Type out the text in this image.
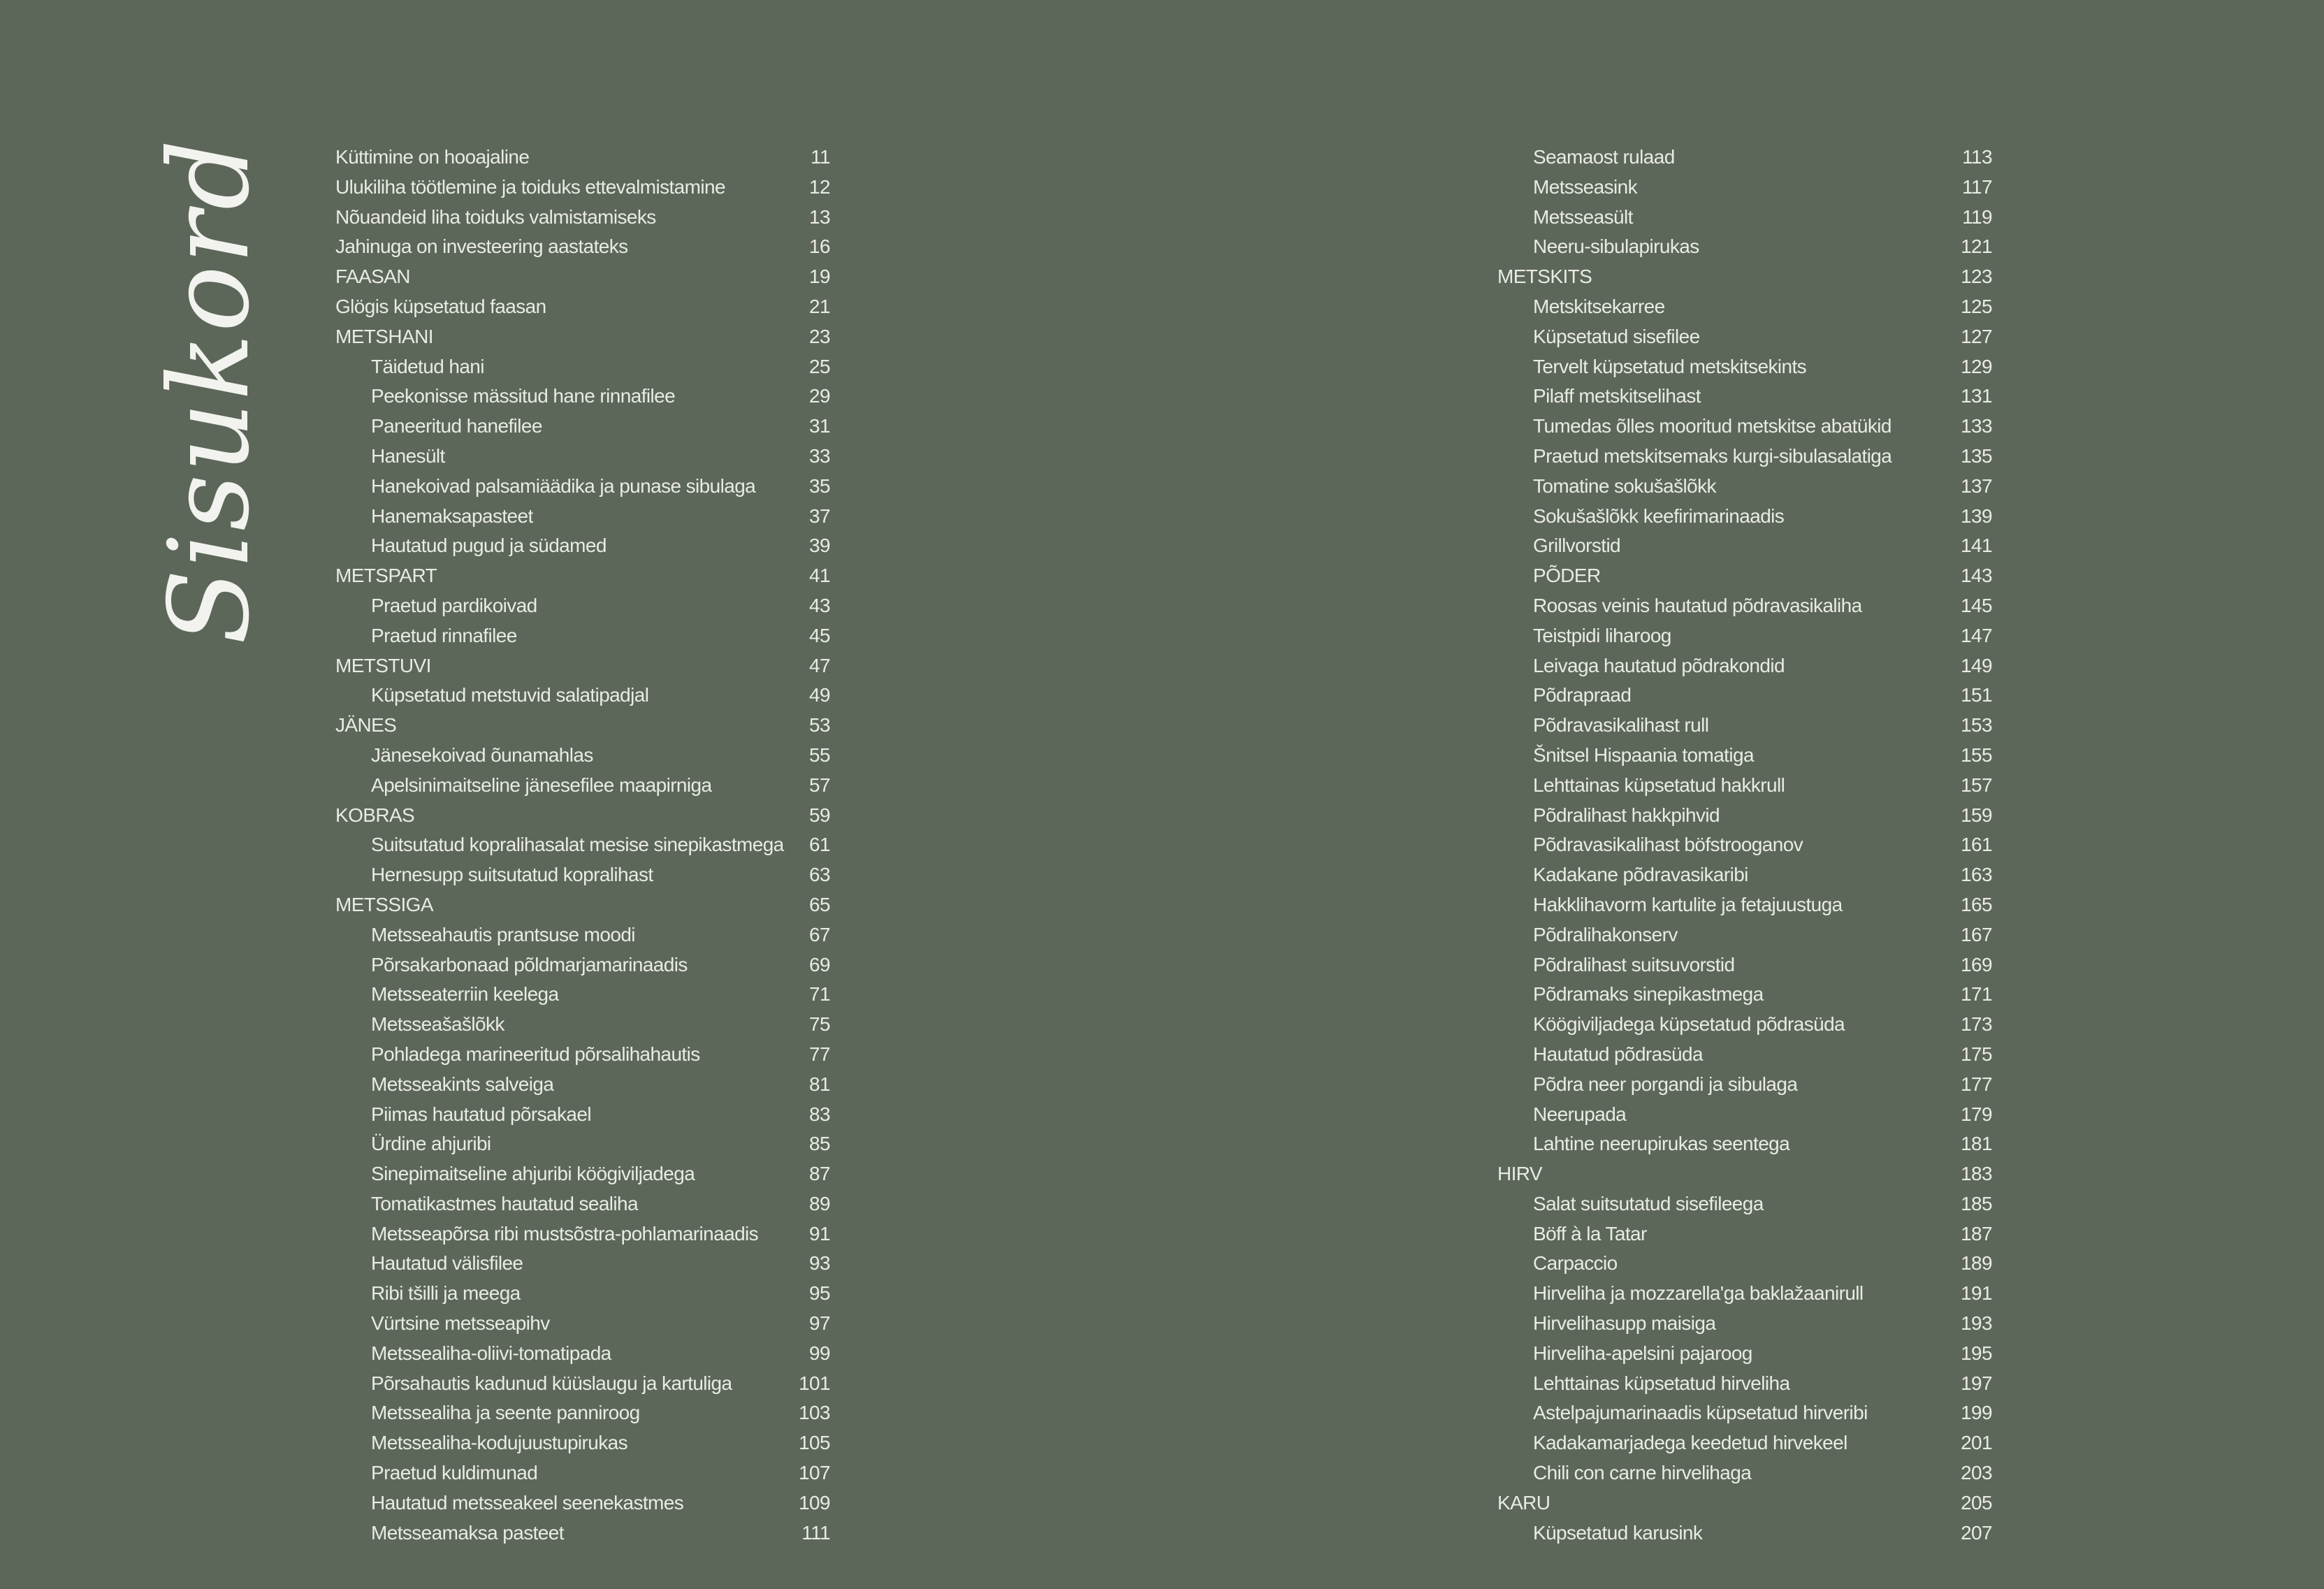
Sisukord	Küttimine on hooajaline	11
Ulukiliha töötlemine ja toiduks ettevalmistamine	12
Nõuandeid liha toiduks valmistamiseks	13
Jahinuga on investeering aastateks	16
FAASAN	19
Glögis küpsetatud faasan	21
METSHANI	23
Täidetud hani	25
Peekonisse mässitud hane rinnafilee	29
Paneeritud hanefilee	31
Hanesült	33
Hanekoivad palsamiäädika ja punase sibulaga	35
Hanemaksapasteet	37
Hautatud pugud ja südamed	39
METSPART	41
Praetud pardikoivad	43
Praetud rinnafilee	45
METSTUVI	47
Küpsetatud metstuvid salatipadjal	49
JÄNES	53
Jänesekoivad õunamahlas	55
Apelsinimaitseline jänesefilee maapirniga	57
KOBRAS	59
Suitsutatud kopralihasalat mesise sinepikastmega 61
Hernesupp suitsutatud kopralihast	63
METSSIGA	65
Metsseahautis prantsuse moodi	67
Põrsakarbonaad põldmarjamarinaadis	69
Metsseaterriin keelega	71
Metsseašašlõkk	75
Pohladega marineeritud põrsalihahautis	77
Metsseakints salveiga	81
Piimas hautatud põrsakael	83
Ürdine ahjuribi	85
Sinepimaitseline ahjuribi köögiviljadega	87
Tomatikastmes hautatud sealiha	89
Metsseapõrsa ribi mustsõstra-pohlamarinaadis	91
Hautatud välisfilee	93
Ribi tšilli ja meega	95
Vürtsine metsseapihv	97
Metssealiha-oliivi-tomatipada	99
Põrsahautis kadunud küüslaugu ja kartuliga	101
Metssealiha ja seente panniroog	103
Metssealiha-kodujuustupirukas	105
Praetud kuldimunad	107
Hautatud metsseakeel seenekastmes	109
Metsseamaksa pasteet	111
Seamaost rulaad	113
Metsseasink	117
Metsseasült	119
Neeru-sibulapirukas	121
METSKITS	123
Metskitsekarree	125
Küpsetatud sisefilee	127
Tervelt küpsetatud metskitsekints	129
Pilaff metskitselihast	131
Tumedas õlles mooritud metskitse abatükid	133
Praetud metskitsemaks kurgi-sibulasalatiga	135
Tomatine sokušašlõkk	137
Sokušašlõkk keefirimarinaadis	139
Grillvorstid	141
PÕDER	143
Roosas veinis hautatud põdravasikaliha	145
Teistpidi liharoog	147
Leivaga hautatud põdrakondid	149
Põdrapraad	151
Põdravasikalihast rull	153
Šnitsel Hispaania tomatiga	155
Lehttainas küpsetatud hakkrull	157
Põdralihast hakkpihvid	159
Põdravasikalihast böfstrooganov	161
Kadakane põdravasikaribi	163
Hakklihavorm kartulite ja fetajuustuga	165
Põdralihakonserv	167
Põdralihast suitsuvorstid	169
Põdramaks sinepikastmega	171
Köögiviljadega küpsetatud põdrasüda	173
Hautatud põdrasüda	175
Põdra neer porgandi ja sibulaga	177
Neerupada	179
Lahtine neerupirukas seentega	181
HIRV	183
Salat suitsutatud sisefileega	185
Böff à la Tatar	187
Carpaccio	189
Hirveliha ja mozzarella'ga baklažaanirull	191
Hirvelihasupp maisiga	193
Hirveliha-apelsini pajaroog	195
Lehttainas küpsetatud hirveliha	197
Astelpajumarinaadis küpsetatud hirveribi	199
Kadakamarjadega keedetud hirvekeel	201
Chili con carne hirvelihaga	203
KARU	205
Küpsetatud karusink	207
